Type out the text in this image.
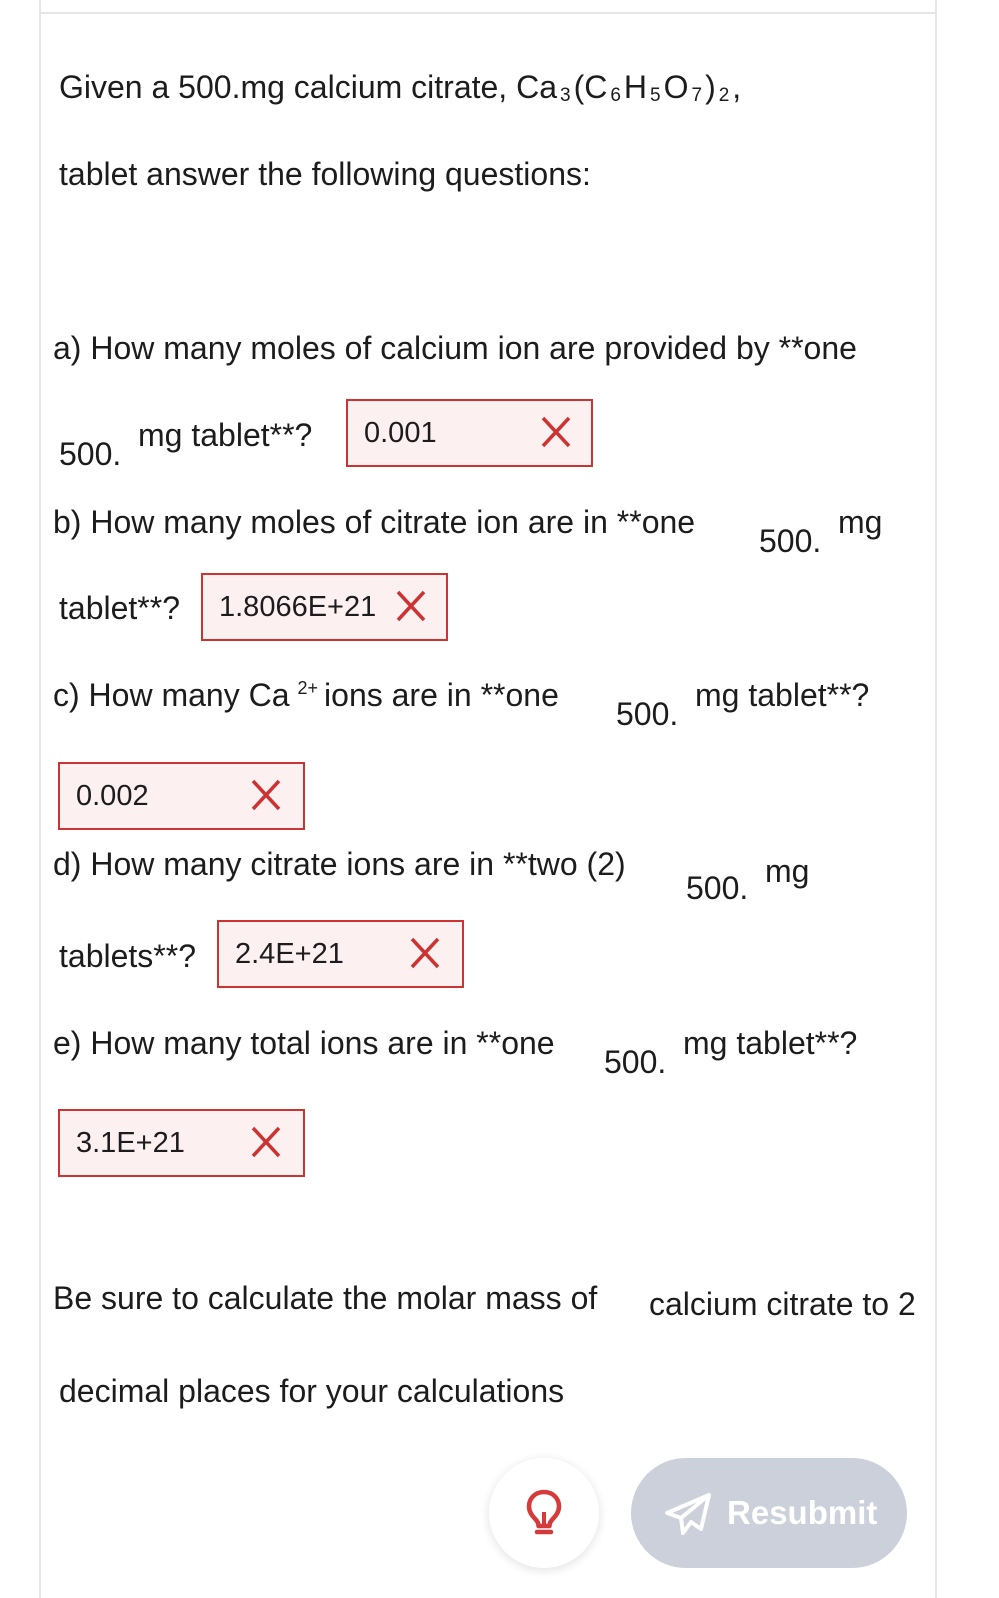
Given a 500.mg calcium citrate, Ca 3(C 6H 5O 7) 2,
tablet answer the following questions:
a) How many moles of calcium ion are provided by **one
500.
mg tablet**? 0.001
b) How many moles of citrate ion are in **one
500.
mg
tablet**? 1.8066E+21
c) How many Ca $^{2+}$ ions are in **one
500.
mg tablet**?
0.002
d) How many citrate ions are in **two (2)
500. mg
tablets**? 2.4E+21
e) How many total ions are in **one
500.
mg tablet**?
3.1E+21
Be sure to calculate the molar mass of calcium citrate to 2
decimal places for your calculations
Resubmit
